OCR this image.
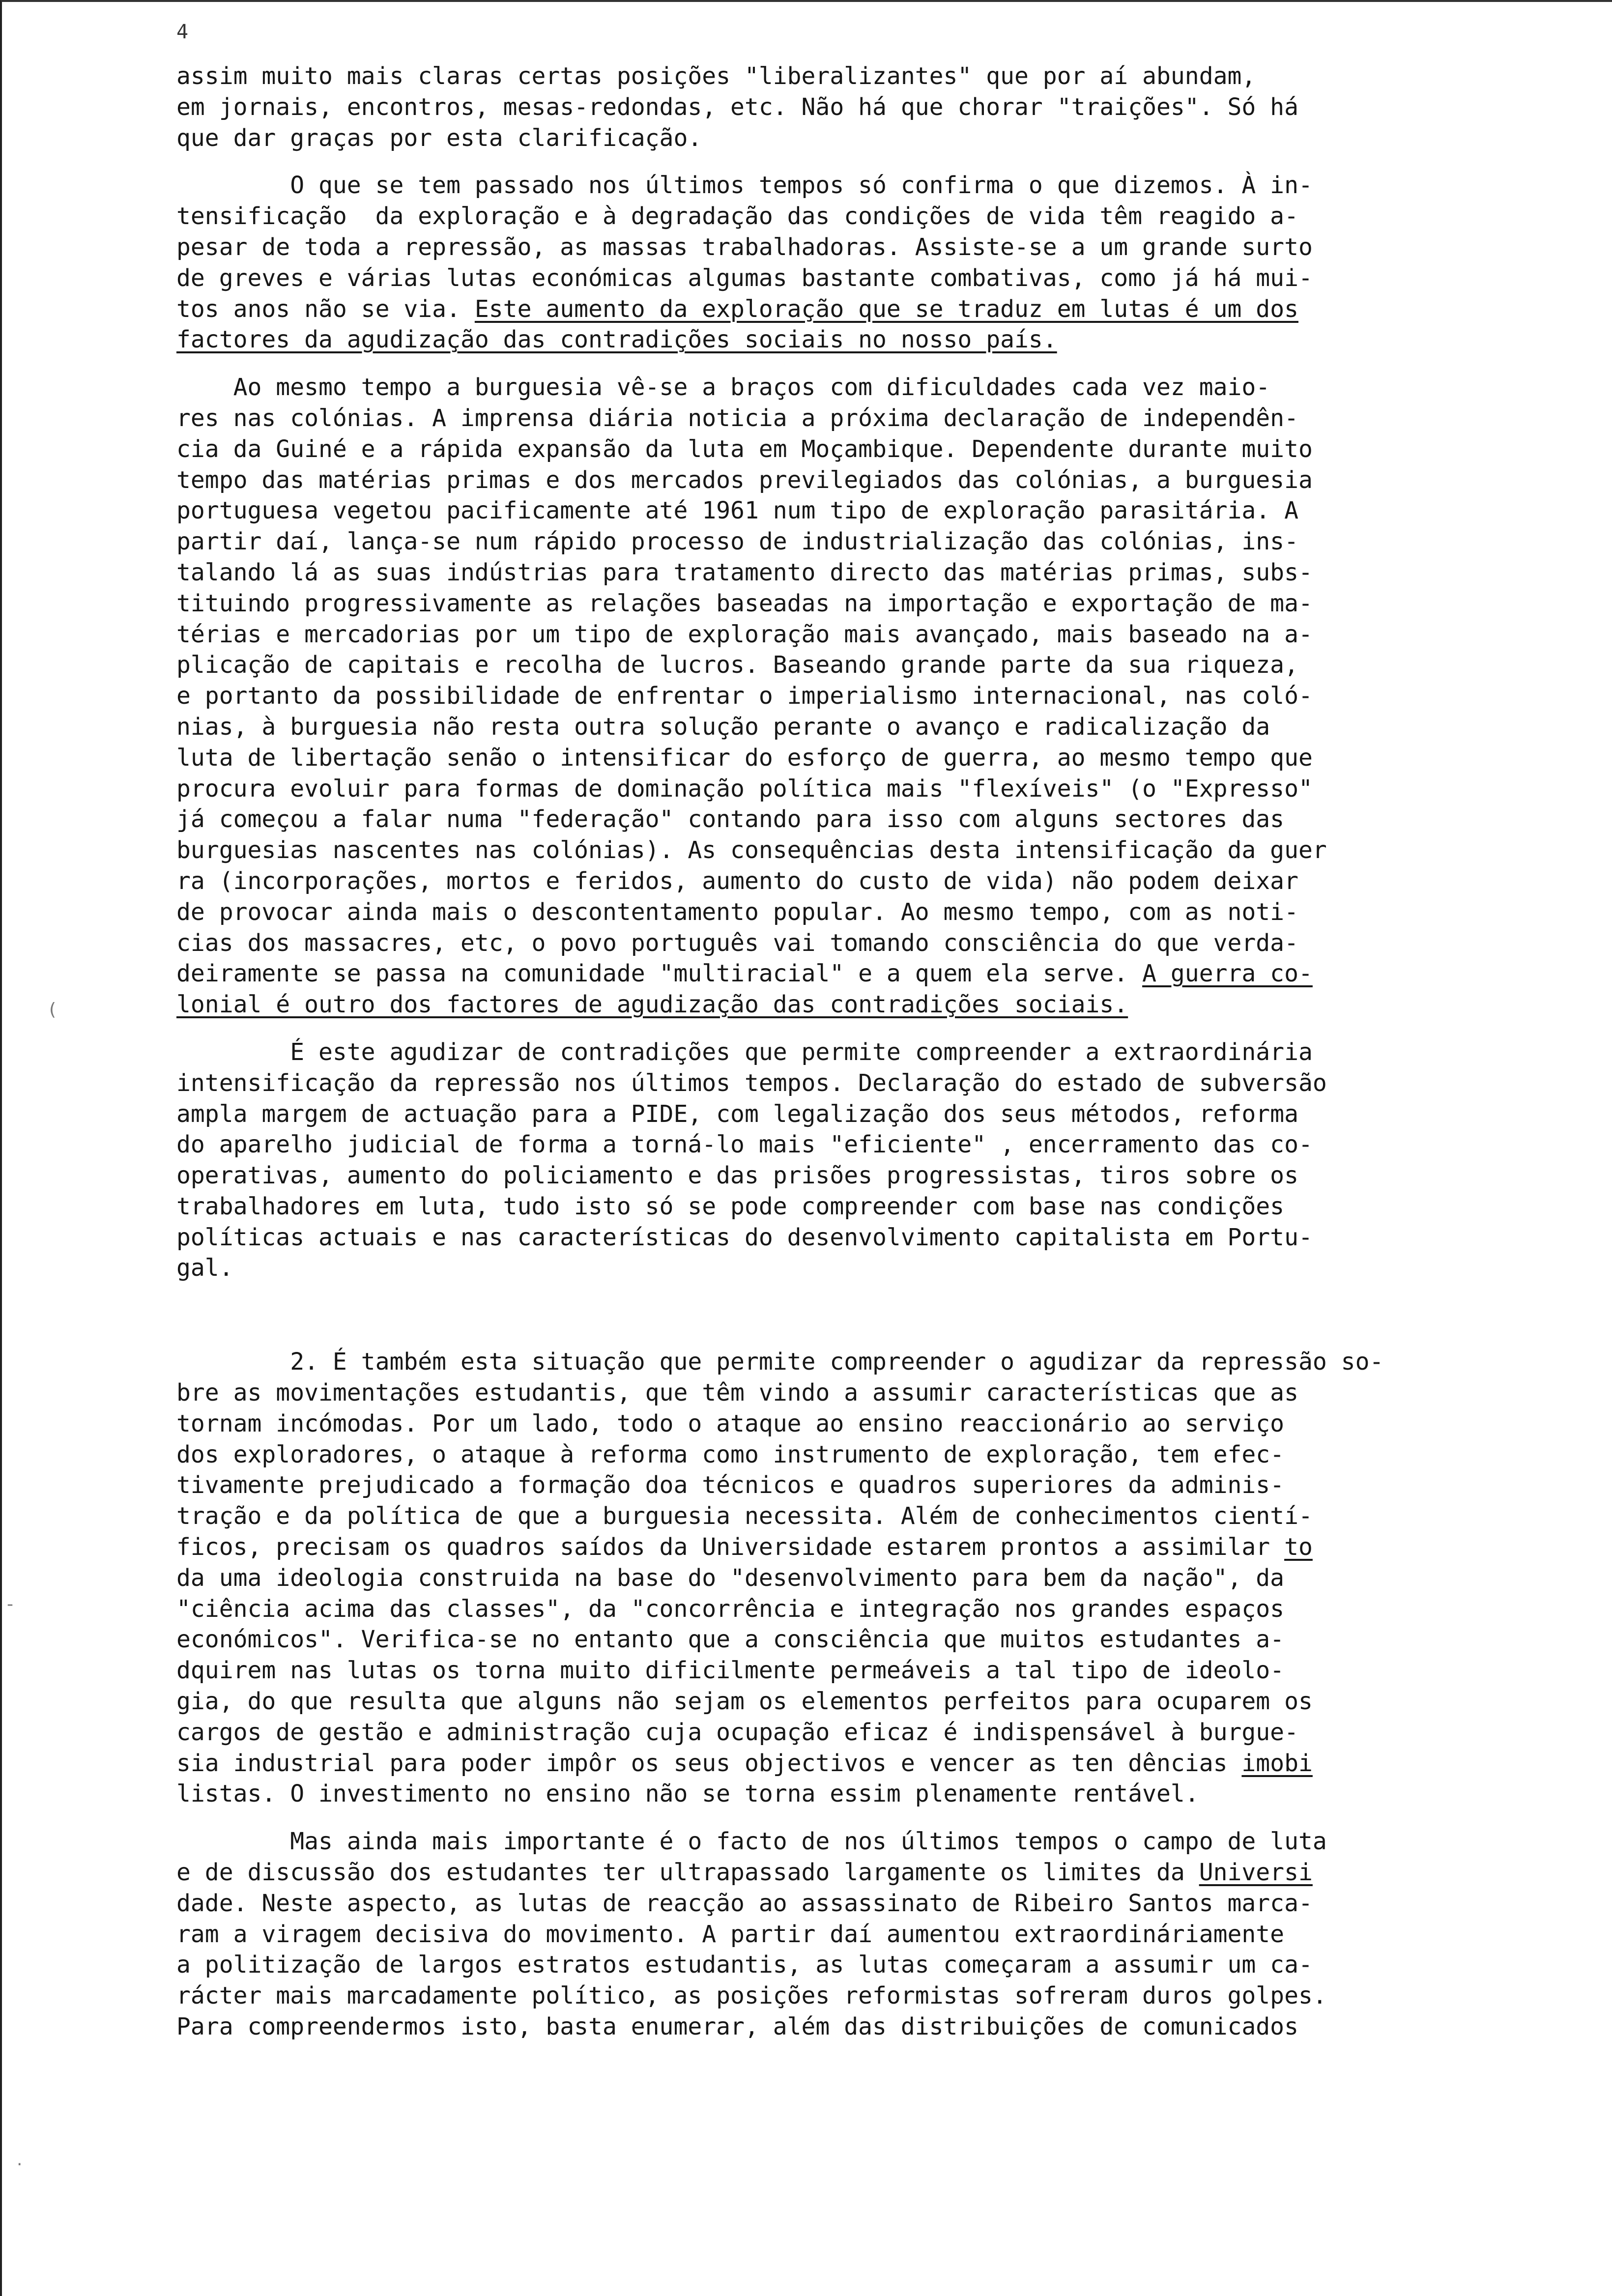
4
(
-
·

assim muito mais claras certas posições "liberalizantes" que por aí abundam,
em jornais, encontros, mesas-redondas, etc. Não há que chorar "traições". Só há
que dar graças por esta clarificação.

O que se tem passado nos últimos tempos só confirma o que dizemos. À in-
tensificação  da exploração e à degradação das condições de vida têm reagido a-
pesar de toda a repressão, as massas trabalhadoras. Assiste-se a um grande surto
de greves e várias lutas económicas algumas bastante combativas, como já há mui-
tos anos não se via. Este aumento da exploração que se traduz em lutas é um dos
factores da agudização das contradições sociais no nosso país.

Ao mesmo tempo a burguesia vê-se a braços com dificuldades cada vez maio-
res nas colónias. A imprensa diária noticia a próxima declaração de independên-
cia da Guiné e a rápida expansão da luta em Moçambique. Dependente durante muito
tempo das matérias primas e dos mercados previlegiados das colónias, a burguesia
portuguesa vegetou pacificamente até 1961 num tipo de exploração parasitária. A
partir daí, lança-se num rápido processo de industrialização das colónias, ins-
talando lá as suas indústrias para tratamento directo das matérias primas, subs-
tituindo progressivamente as relações baseadas na importação e exportação de ma-
térias e mercadorias por um tipo de exploração mais avançado, mais baseado na a-
plicação de capitais e recolha de lucros. Baseando grande parte da sua riqueza,
e portanto da possibilidade de enfrentar o imperialismo internacional, nas coló-
nias, à burguesia não resta outra solução perante o avanço e radicalização da
luta de libertação senão o intensificar do esforço de guerra, ao mesmo tempo que
procura evoluir para formas de dominação política mais "flexíveis" (o "Expresso"
já começou a falar numa "federação" contando para isso com alguns sectores das
burguesias nascentes nas colónias). As consequências desta intensificação da guer
ra (incorporações, mortos e feridos, aumento do custo de vida) não podem deixar
de provocar ainda mais o descontentamento popular. Ao mesmo tempo, com as noti-
cias dos massacres, etc, o povo português vai tomando consciência do que verda-
deiramente se passa na comunidade "multiracial" e a quem ela serve. A guerra co-
lonial é outro dos factores de agudização das contradições sociais.

É este agudizar de contradições que permite compreender a extraordinária
intensificação da repressão nos últimos tempos. Declaração do estado de subversão
ampla margem de actuação para a PIDE, com legalização dos seus métodos, reforma
do aparelho judicial de forma a torná-lo mais "eficiente" , encerramento das co-
operativas, aumento do policiamento e das prisões progressistas, tiros sobre os
trabalhadores em luta, tudo isto só se pode compreender com base nas condições
políticas actuais e nas características do desenvolvimento capitalista em Portu-
gal.

2. É também esta situação que permite compreender o agudizar da repressão so-
bre as movimentações estudantis, que têm vindo a assumir características que as
tornam incómodas. Por um lado, todo o ataque ao ensino reaccionário ao serviço
dos exploradores, o ataque à reforma como instrumento de exploração, tem efec-
tivamente prejudicado a formação doa técnicos e quadros superiores da adminis-
tração e da política de que a burguesia necessita. Além de conhecimentos cientí-
ficos, precisam os quadros saídos da Universidade estarem prontos a assimilar to
da uma ideologia construida na base do "desenvolvimento para bem da nação", da
"ciência acima das classes", da "concorrência e integração nos grandes espaços
económicos". Verifica-se no entanto que a consciência que muitos estudantes a-
dquirem nas lutas os torna muito dificilmente permeáveis a tal tipo de ideolo-
gia, do que resulta que alguns não sejam os elementos perfeitos para ocuparem os
cargos de gestão e administração cuja ocupação eficaz é indispensável à burgue-
sia industrial para poder impôr os seus objectivos e vencer as ten dências imobi
listas. O investimento no ensino não se torna essim plenamente rentável.

Mas ainda mais importante é o facto de nos últimos tempos o campo de luta
e de discussão dos estudantes ter ultrapassado largamente os limites da Universi
dade. Neste aspecto, as lutas de reacção ao assassinato de Ribeiro Santos marca-
ram a viragem decisiva do movimento. A partir daí aumentou extraordináriamente
a politização de largos estratos estudantis, as lutas começaram a assumir um ca-
rácter mais marcadamente político, as posições reformistas sofreram duros golpes.
Para compreendermos isto, basta enumerar, além das distribuições de comunicados
